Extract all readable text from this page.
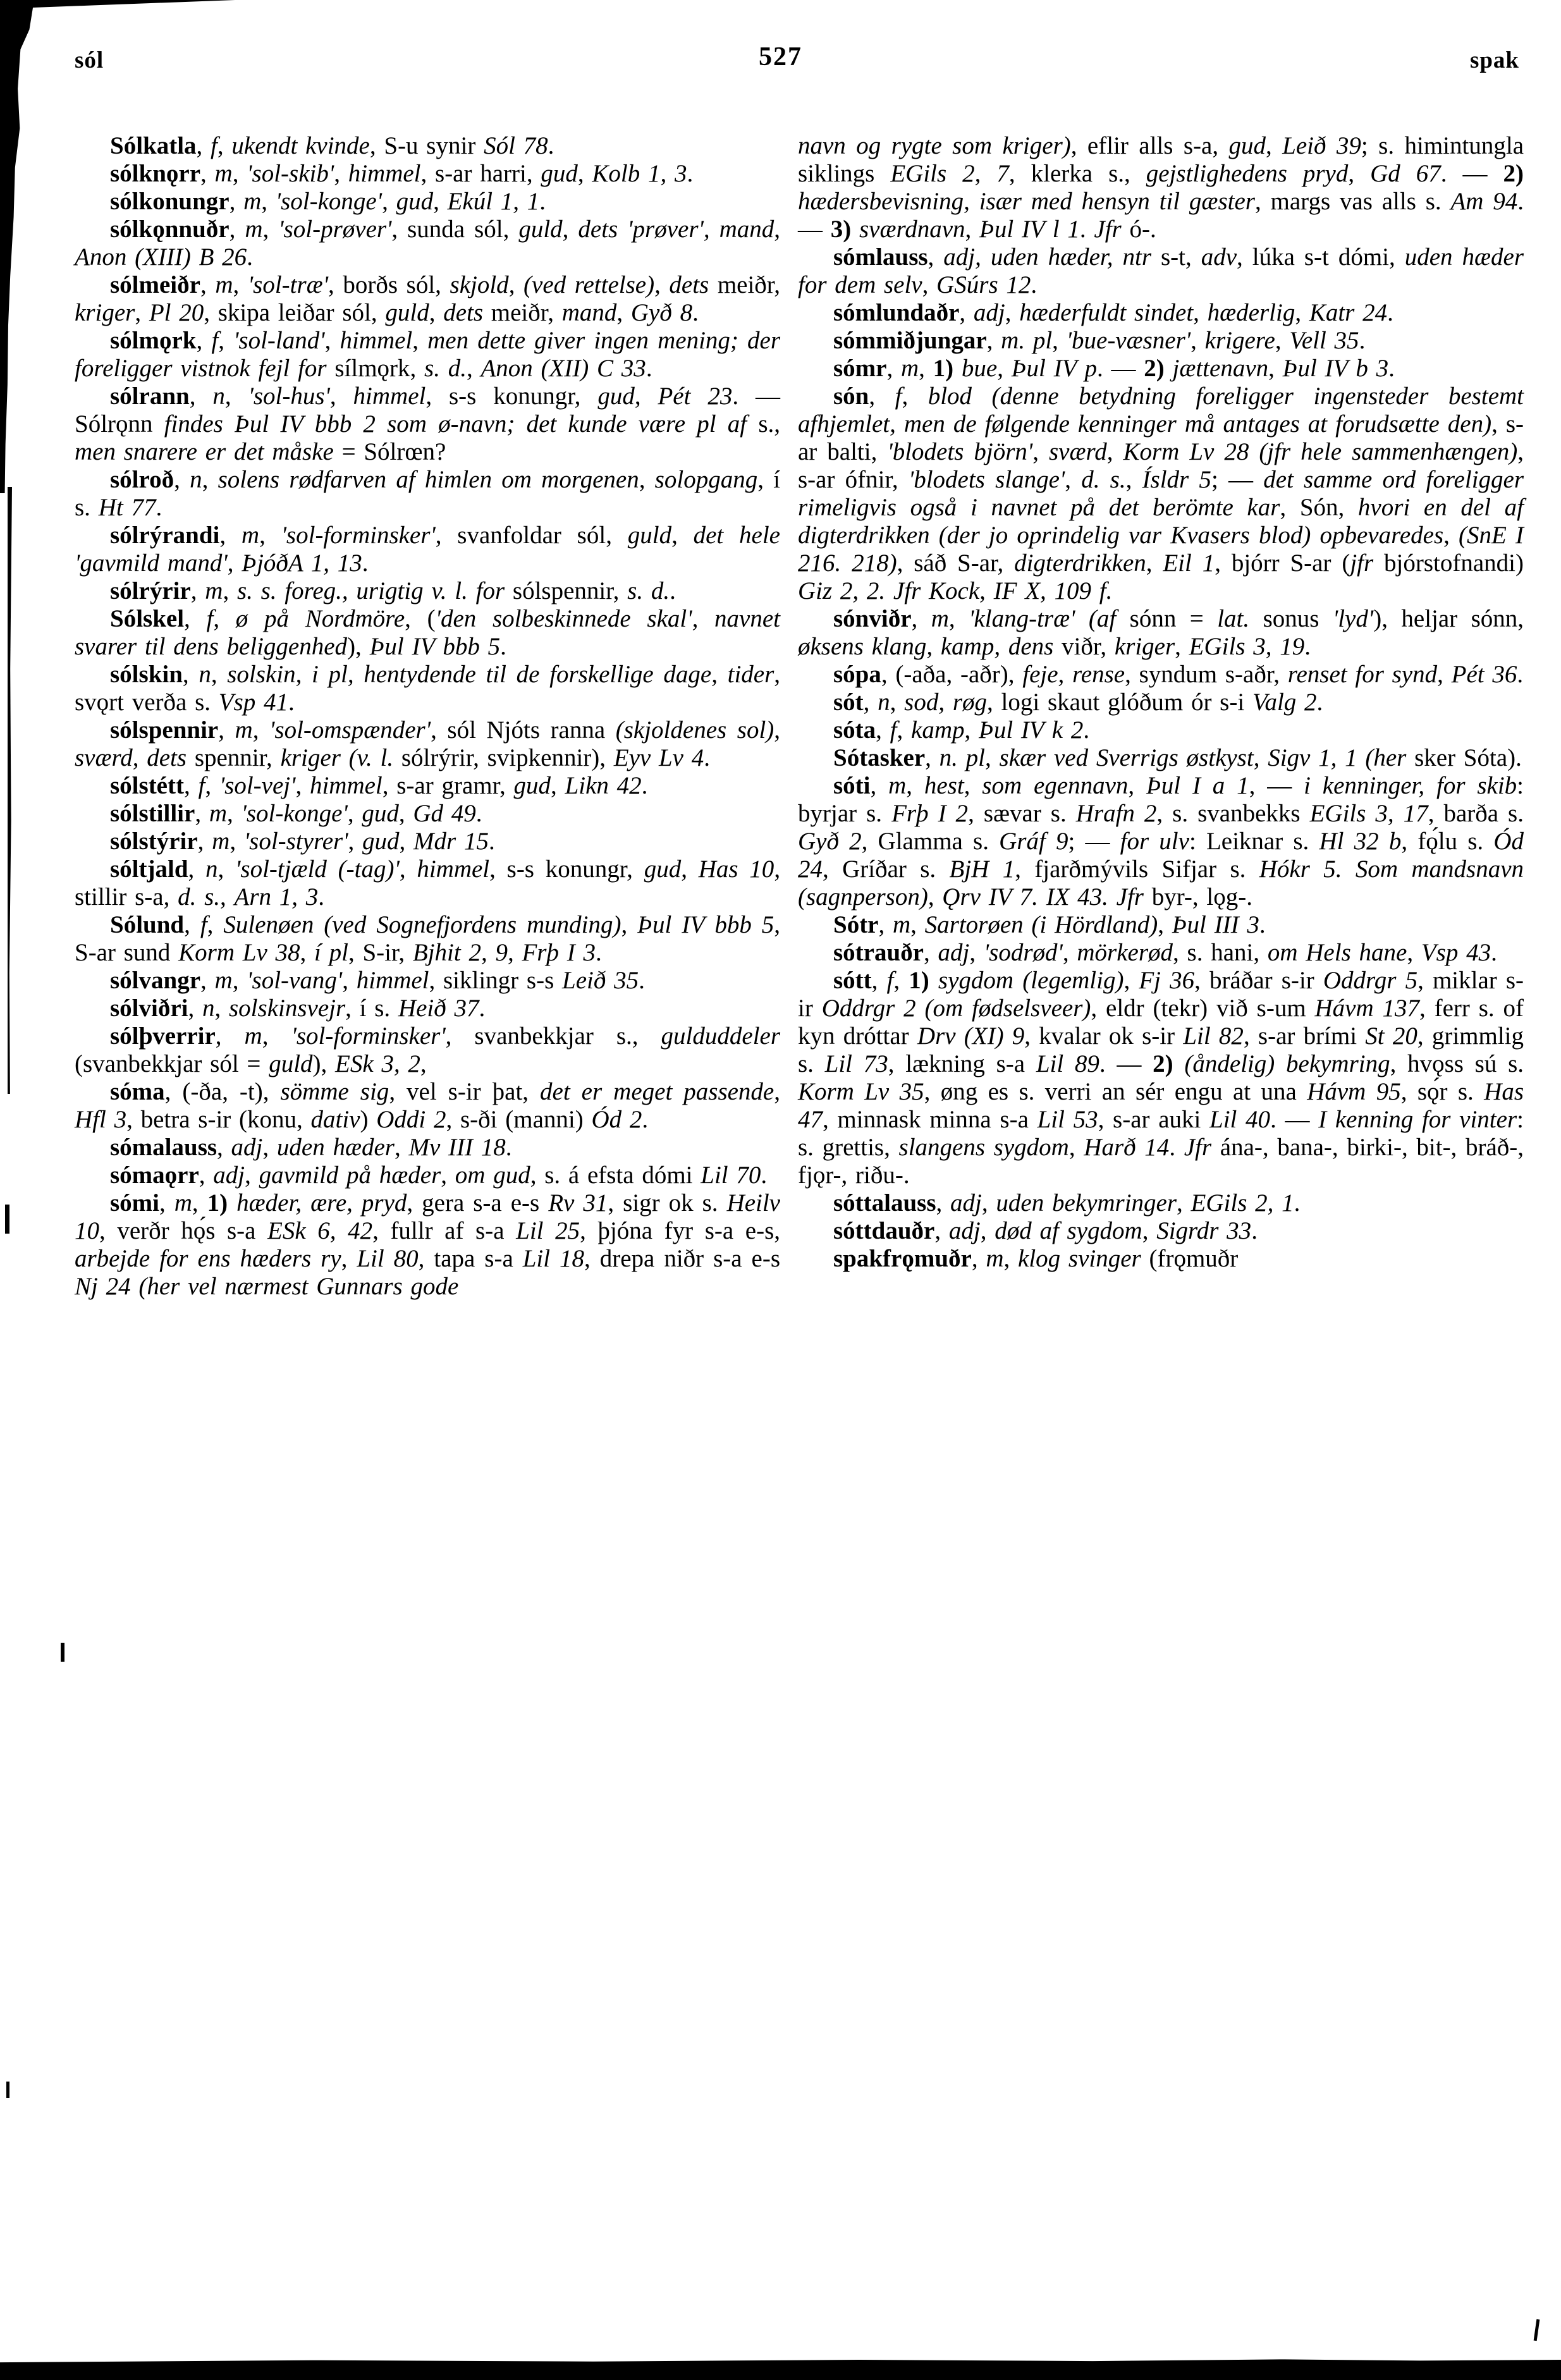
sól	527	spak

Sólkatla, f, ukendt kvinde, S-u synir Sól 78.

sólknǫrr, m, 'sol-skib', himmel, s-ar harri, gud, Kolb 1, 3.

sólkonungr, m, 'sol-konge', gud, Ekúl 1, 1.

sólkǫnnuðr, m, 'sol-prøver', sunda sól, guld, dets 'prøver', mand, Anon (XIII) B 26.

sólmeiðr, m, 'sol-træ', borðs sól, skjold, (ved rettelse), dets meiðr, kriger, Pl 20, skipa leiðar sól, guld, dets meiðr, mand, Gyð 8.

sólmǫrk, f, 'sol-land', himmel, men dette giver ingen mening; der foreligger vistnok fejl for sílmǫrk, s. d., Anon (XII) C 33.

sólrann, n, 'sol-hus', himmel, s-s konungr, gud, Pét 23. — Sólrǫnn findes Þul IV bbb 2 som ø-navn; det kunde være pl af s., men snarere er det måske = Sólrœn?

sólroð, n, solens rødfarven af himlen om morgenen, solopgang, í s. Ht 77.

sólrýrandi, m, 'sol-forminsker', svanfoldar sól, guld, det hele 'gavmild mand', ÞjóðA 1, 13.

sólrýrir, m, s. s. foreg., urigtig v. l. for sólspennir, s. d..

Sólskel, f, ø på Nordmöre, ('den solbeskinnede skal', navnet svarer til dens beliggenhed), Þul IV bbb 5.

sólskin, n, solskin, i pl, hentydende til de forskellige dage, tider, svǫrt verða s. Vsp 41.

sólspennir, m, 'sol-omspænder', sól Njóts ranna (skjoldenes sol), sværd, dets spennir, kriger (v. l. sólrýrir, svipkennir), Eyv Lv 4.

sólstétt, f, 'sol-vej', himmel, s-ar gramr, gud, Likn 42.

sólstillir, m, 'sol-konge', gud, Gd 49.

sólstýrir, m, 'sol-styrer', gud, Mdr 15.

sóltjald, n, 'sol-tjæld (-tag)', himmel, s-s konungr, gud, Has 10, stillir s-a, d. s., Arn 1, 3.

Sólund, f, Sulenøen (ved Sognefjordens munding), Þul IV bbb 5, S-ar sund Korm Lv 38, í pl, S-ir, Bjhit 2, 9, Frþ I 3.

sólvangr, m, 'sol-vang', himmel, siklingr s-s Leið 35.

sólviðri, n, solskinsvejr, í s. Heið 37.

sólþverrir, m, 'sol-forminsker', svanbekkjar s., gulduddeler (svanbekkjar sól = guld), ESk 3, 2,

sóma, (-ða, -t), sömme sig, vel s-ir þat, det er meget passende, Hfl 3, betra s-ir (konu, dativ) Oddi 2, s-ði (manni) Ód 2.

sómalauss, adj, uden hæder, Mv III 18.

sómaǫrr, adj, gavmild på hæder, om gud, s. á efsta dómi Lil 70.

sómi, m, 1) hæder, ære, pryd, gera s-a e-s Rv 31, sigr ok s. Heilv 10, verðr hǫ́s s-a ESk 6, 42, fullr af s-a Lil 25, þjóna fyr s-a e-s, arbejde for ens hæders ry, Lil 80, tapa s-a Lil 18, drepa niðr s-a e-s Nj 24 (her vel nærmest Gunnars gode

navn og rygte som kriger), eflir alls s-a, gud, Leið 39; s. himintungla siklings EGils 2, 7, klerka s., gejstlighedens pryd, Gd 67. — 2) hædersbevisning, især med hensyn til gæster, margs vas alls s. Am 94. — 3) sværdnavn, Þul IV l 1. Jfr ó-.

sómlauss, adj, uden hæder, ntr s-t, adv, lúka s-t dómi, uden hæder for dem selv, GSúrs 12.

sómlundaðr, adj, hæderfuldt sindet, hæderlig, Katr 24.

sómmiðjungar, m. pl, 'bue-væsner', krigere, Vell 35.

sómr, m, 1) bue, Þul IV p. — 2) jættenavn, Þul IV b 3.

són, f, blod (denne betydning foreligger ingensteder bestemt afhjemlet, men de følgende kenninger må antages at forudsætte den), s-ar balti, 'blodets björn', sværd, Korm Lv 28 (jfr hele sammenhængen), s-ar ófnir, 'blodets slange', d. s., Ísldr 5; — det samme ord foreligger rimeligvis også i navnet på det berömte kar, Són, hvori en del af digterdrikken (der jo oprindelig var Kvasers blod) opbevaredes, (SnE I 216. 218), sáð S-ar, digterdrikken, Eil 1, bjórr S-ar (jfr bjórstofnandi) Giz 2, 2. Jfr Kock, IF X, 109 f.

sónviðr, m, 'klang-træ' (af sónn = lat. sonus 'lyd'), heljar sónn, øksens klang, kamp, dens viðr, kriger, EGils 3, 19.

sópa, (-aða, -aðr), feje, rense, syndum s-aðr, renset for synd, Pét 36.

sót, n, sod, røg, logi skaut glóðum ór s-i Valg 2.

sóta, f, kamp, Þul IV k 2.

Sótasker, n. pl, skær ved Sverrigs østkyst, Sigv 1, 1 (her sker Sóta).

sóti, m, hest, som egennavn, Þul I a 1, — i kenninger, for skib: byrjar s. Frþ I 2, sævar s. Hrafn 2, s. svanbekks EGils 3, 17, barða s. Gyð 2, Glamma s. Gráf 9; — for ulv: Leiknar s. Hl 32 b, fǫ́lu s. Ód 24, Gríðar s. BjH 1, fjarðmývils Sifjar s. Hókr 5. Som mandsnavn (sagnperson), Ǫrv IV 7. IX 43. Jfr byr-, lǫg-.

Sótr, m, Sartorøen (i Hördland), Þul III 3.

sótrauðr, adj, 'sodrød', mörkerød, s. hani, om Hels hane, Vsp 43.

sótt, f, 1) sygdom (legemlig), Fj 36, bráðar s-ir Oddrgr 5, miklar s-ir Oddrgr 2 (om fødselsveer), eldr (tekr) við s-um Hávm 137, ferr s. of kyn dróttar Drv (XI) 9, kvalar ok s-ir Lil 82, s-ar brími St 20, grimmlig s. Lil 73, lækning s-a Lil 89. — 2) (åndelig) bekymring, hvǫss sú s. Korm Lv 35, øng es s. verri an sér engu at una Hávm 95, sǫ́r s. Has 47, minnask minna s-a Lil 53, s-ar auki Lil 40. — I kenning for vinter: s. grettis, slangens sygdom, Harð 14. Jfr ána-, bana-, birki-, bit-, bráð-, fjǫr-, riðu-.

sóttalauss, adj, uden bekymringer, EGils 2, 1.

sóttdauðr, adj, død af sygdom, Sigrdr 33.

spakfrǫmuðr, m, klog svinger (frǫmuðr
